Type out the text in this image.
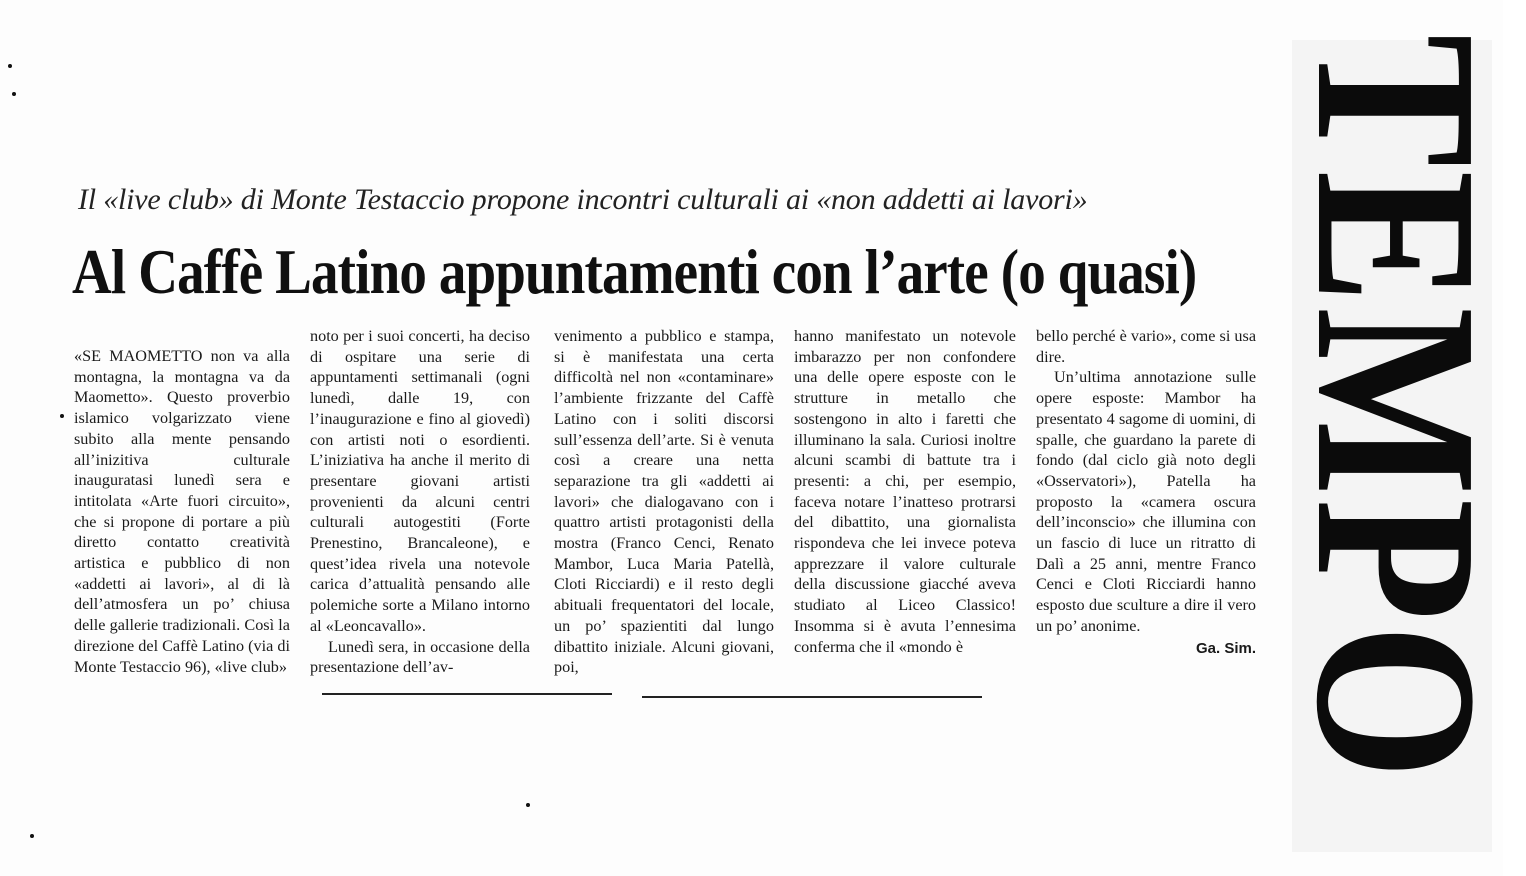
Il «live club» di Monte Testaccio propone incontri culturali ai «non addetti ai lavori»
Al Caffè Latino appuntamenti con l’arte (o quasi)

«SE MAOMETTO non va alla montagna, la montagna va da Maometto». Questo proverbio islamico volgarizzato viene subito alla mente pensando all’inizitiva culturale inauguratasi lunedì sera e intitolata «Arte fuori circuito», che si propone di portare a più diretto contatto creatività artistica e pubblico di non «addetti ai lavori», al di là dell’atmosfera un po’ chiusa delle gallerie tradizionali. Così la direzione del Caffè Latino (via di Monte Testaccio 96), «live club»

noto per i suoi concerti, ha deciso di ospitare una serie di appuntamenti settimanali (ogni lunedì, dalle 19, con l’inaugurazione e fino al giovedì) con artisti noti o esordienti. L’iniziativa ha anche il merito di presentare giovani artisti provenienti da alcuni centri culturali autogestiti (Forte Prenestino, Brancaleone), e quest’idea rivela una notevole carica d’attualità pensando alle polemiche sorte a Milano intorno al «Leoncavallo».

Lunedì sera, in occasione della presentazione dell’av-

venimento a pubblico e stampa, si è manifestata una certa difficoltà nel non «contaminare» l’ambiente frizzante del Caffè Latino con i soliti discorsi sull’essenza dell’arte. Si è venuta così a creare una netta separazione tra gli «addetti ai lavori» che dialogavano con i quattro artisti protagonisti della mostra (Franco Cenci, Renato Mambor, Luca Maria Patellà, Cloti Ricciardi) e il resto degli abituali frequentatori del locale, un po’ spazientiti dal lungo dibattito iniziale. Alcuni giovani, poi,

hanno manifestato un notevole imbarazzo per non confondere una delle opere esposte con le strutture in metallo che sostengono in alto i faretti che illuminano la sala. Curiosi inoltre alcuni scambi di battute tra i presenti: a chi, per esempio, faceva notare l’inatteso protrarsi del dibattito, una giornalista rispondeva che lei invece poteva apprezzare il valore culturale della discussione giacché aveva studiato al Liceo Classico! Insomma si è avuta l’ennesima conferma che il «mondo è

bello perché è vario», come si usa dire.

Un’ultima annotazione sulle opere esposte: Mambor ha presentato 4 sagome di uomini, di spalle, che guardano la parete di fondo (dal ciclo già noto degli «Osservatori»), Patella ha proposto la «camera oscura dell’inconscio» che illumina con un fascio di luce un ritratto di Dalì a 25 anni, mentre Franco Cenci e Cloti Ricciardi hanno esposto due sculture a dire il vero un po’ anonime.

Ga. Sim. TEMPO
